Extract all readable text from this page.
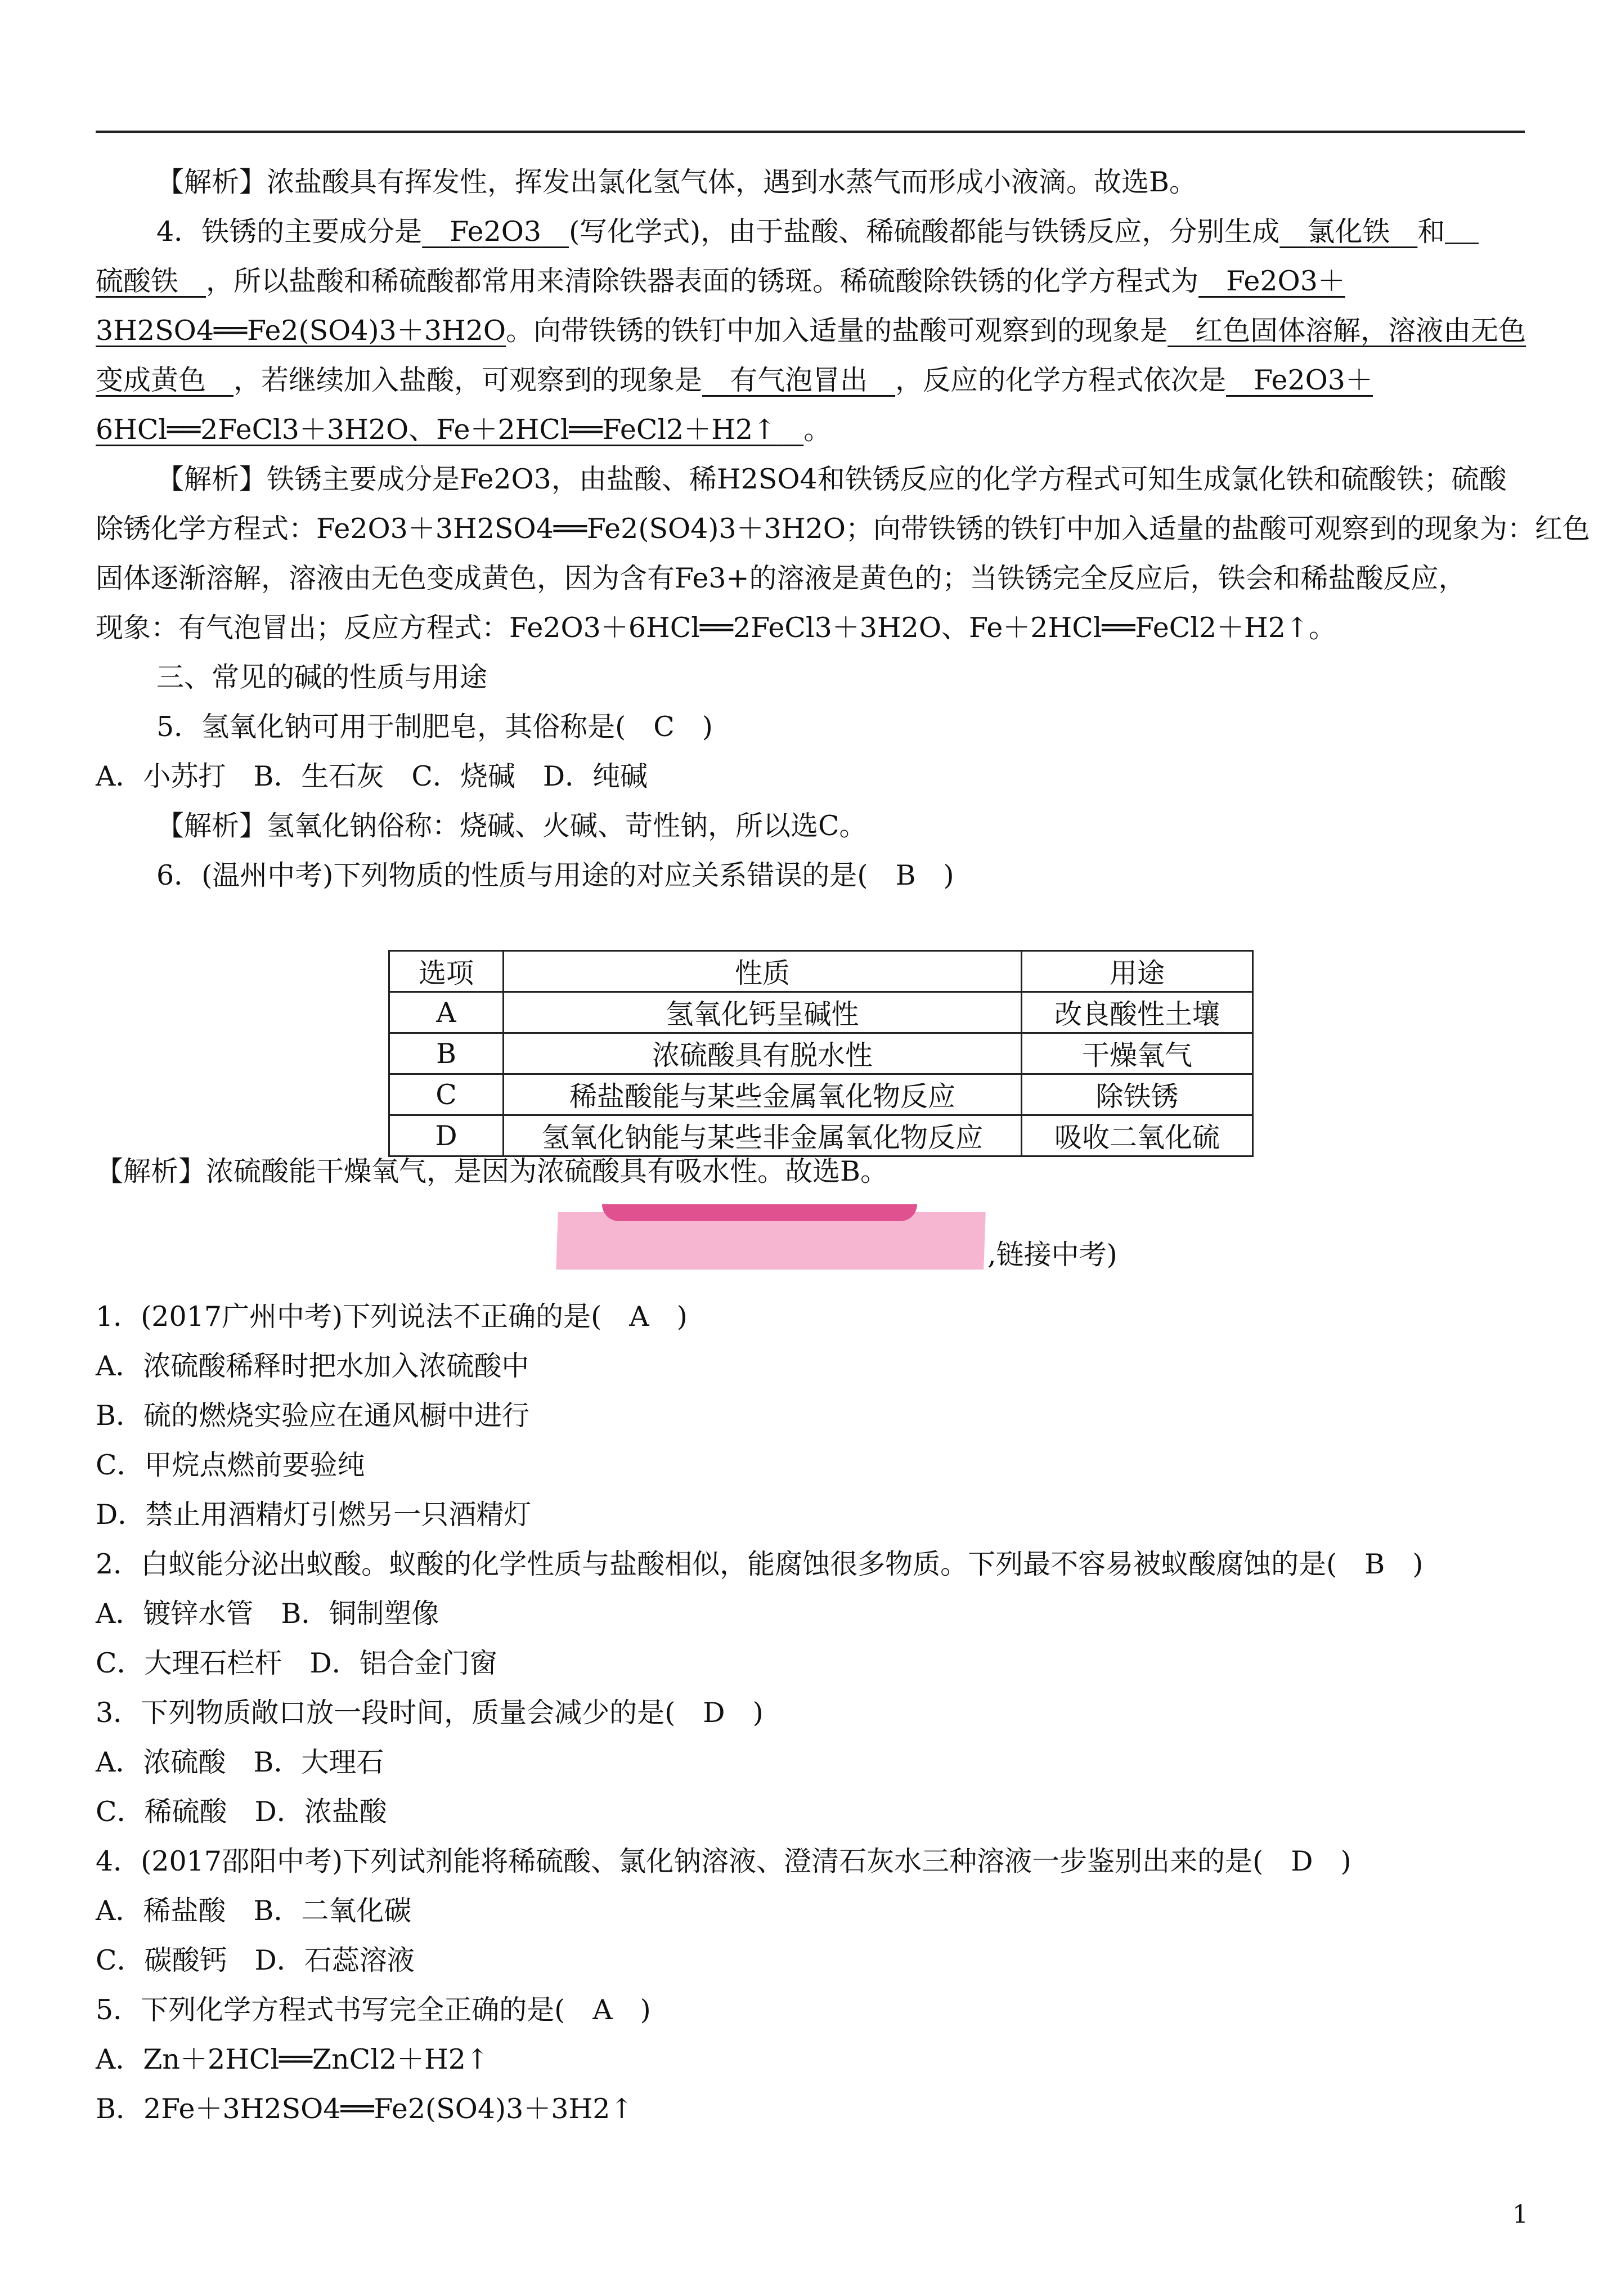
【解析】浓盐酸具有挥发性，挥发出氯化氢气体，遇到水蒸气而形成小液滴。故选B。
4．铁锈的主要成分是　 Fe2O3　 (写化学式)，由于盐酸、稀硫酸都能与铁锈反应，分别生成　 氯化铁　 和
硫酸铁　 ，所以盐酸和稀硫酸都常用来清除铁器表面的锈斑。稀硫酸除铁锈的化学方程式为　 Fe2O3＋
3H2SO4══Fe2(SO4)3＋3H2O。向带铁锈的铁钉中加入适量的盐酸可观察到的现象是　 红色固体溶解，溶液由无色
变成黄色　 ，若继续加入盐酸，可观察到的现象是　 有气泡冒出　 ，反应的化学方程式依次是　 Fe2O3＋
6HCl══2FeCl3＋3H2O、Fe＋2HCl══FeCl2＋H2↑　 。
【解析】铁锈主要成分是Fe2O3，由盐酸、稀H2SO4和铁锈反应的化学方程式可知生成氯化铁和硫酸铁；硫酸
除锈化学方程式：Fe2O3＋3H2SO4══Fe2(SO4)3＋3H2O；向带铁锈的铁钉中加入适量的盐酸可观察到的现象为：红色
固体逐渐溶解，溶液由无色变成黄色，因为含有Fe3+的溶液是黄色的；当铁锈完全反应后，铁会和稀盐酸反应，
现象：有气泡冒出；反应方程式：Fe2O3＋6HCl══2FeCl3＋3H2O、Fe＋2HCl══FeCl2＋H2↑。
三、常见的碱的性质与用途
5．氢氧化钠可用于制肥皂，其俗称是(　C　)
A．小苏打　B．生石灰　C．烧碱　D．纯碱
【解析】氢氧化钠俗称：烧碱、火碱、苛性钠，所以选C。
6．(温州中考)下列物质的性质与用途的对应关系错误的是(　B　)
选项	性质	用途
A	氢氧化钙呈碱性	改良酸性土壤
B	浓硫酸具有脱水性	干燥氧气
C	稀盐酸能与某些金属氧化物反应	除铁锈
D	氢氧化钠能与某些非金属氧化物反应	吸收二氧化硫
【解析】浓硫酸能干燥氧气，是因为浓硫酸具有吸水性。故选B。
,链接中考)
1．(2017广州中考)下列说法不正确的是(　A　)
A．浓硫酸稀释时把水加入浓硫酸中
B．硫的燃烧实验应在通风橱中进行
C．甲烷点燃前要验纯
D．禁止用酒精灯引燃另一只酒精灯
2．白蚁能分泌出蚁酸。蚁酸的化学性质与盐酸相似，能腐蚀很多物质。下列最不容易被蚁酸腐蚀的是(　B　)
A．镀锌水管　B．铜制塑像
C．大理石栏杆　D．铝合金门窗
3．下列物质敞口放一段时间，质量会减少的是(　D　)
A．浓硫酸　B．大理石
C．稀硫酸　D．浓盐酸
4．(2017邵阳中考)下列试剂能将稀硫酸、氯化钠溶液、澄清石灰水三种溶液一步鉴别出来的是(　D　)
A．稀盐酸　B．二氧化碳
C．碳酸钙　D．石蕊溶液
5．下列化学方程式书写完全正确的是(　A　)
A．Zn＋2HCl══ZnCl2＋H2↑
B．2Fe＋3H2SO4══Fe2(SO4)3＋3H2↑
1
